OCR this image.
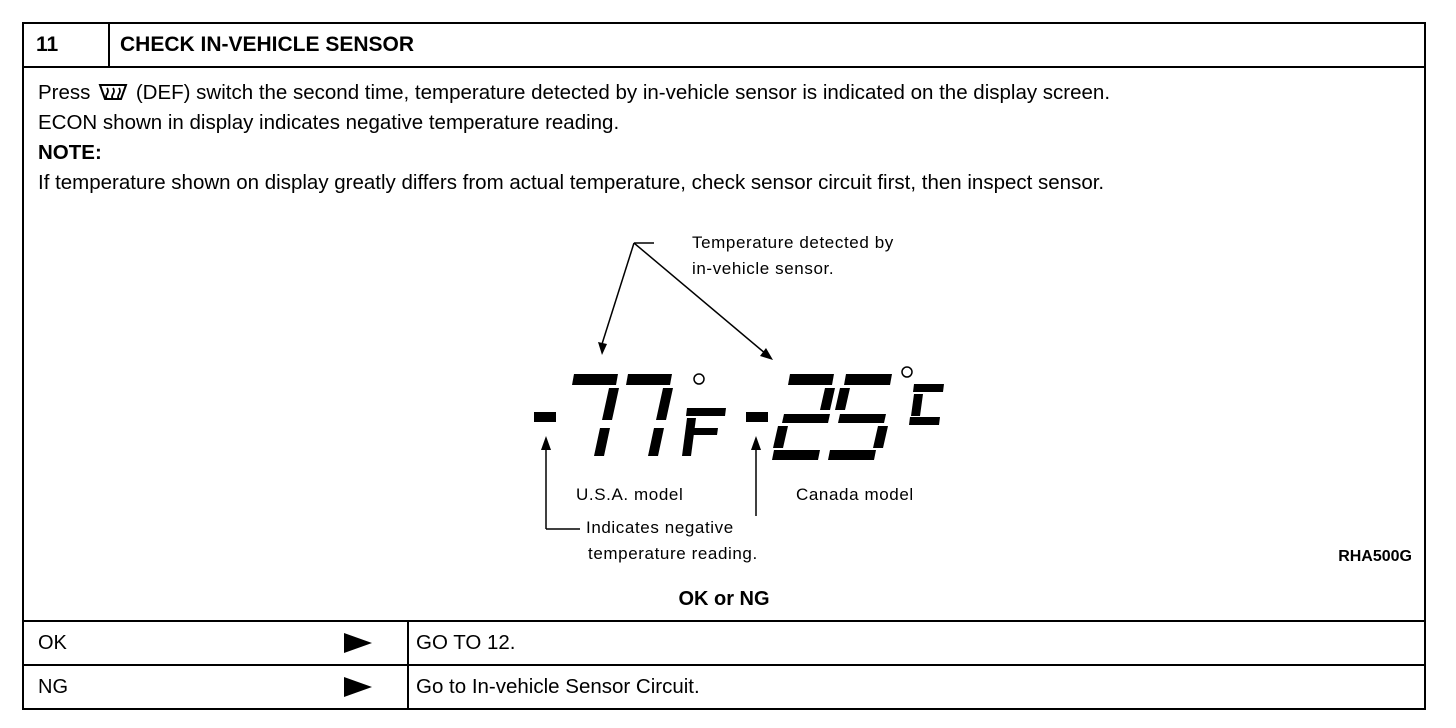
11	CHECK IN-VEHICLE SENSOR
Press (DEF) switch the second time, temperature detected by in-vehicle sensor is indicated on the display screen.
ECON shown in display indicates negative temperature reading.
NOTE:
If temperature shown on display greatly differs from actual temperature, check sensor circuit first, then inspect sensor.
Temperature detected by
in-vehicle sensor.
U.S.A. model	Canada model
Indicates negative
temperature reading.	RHA500G
OK or NG
OK	GO TO 12.
NG	Go to In-vehicle Sensor Circuit.
